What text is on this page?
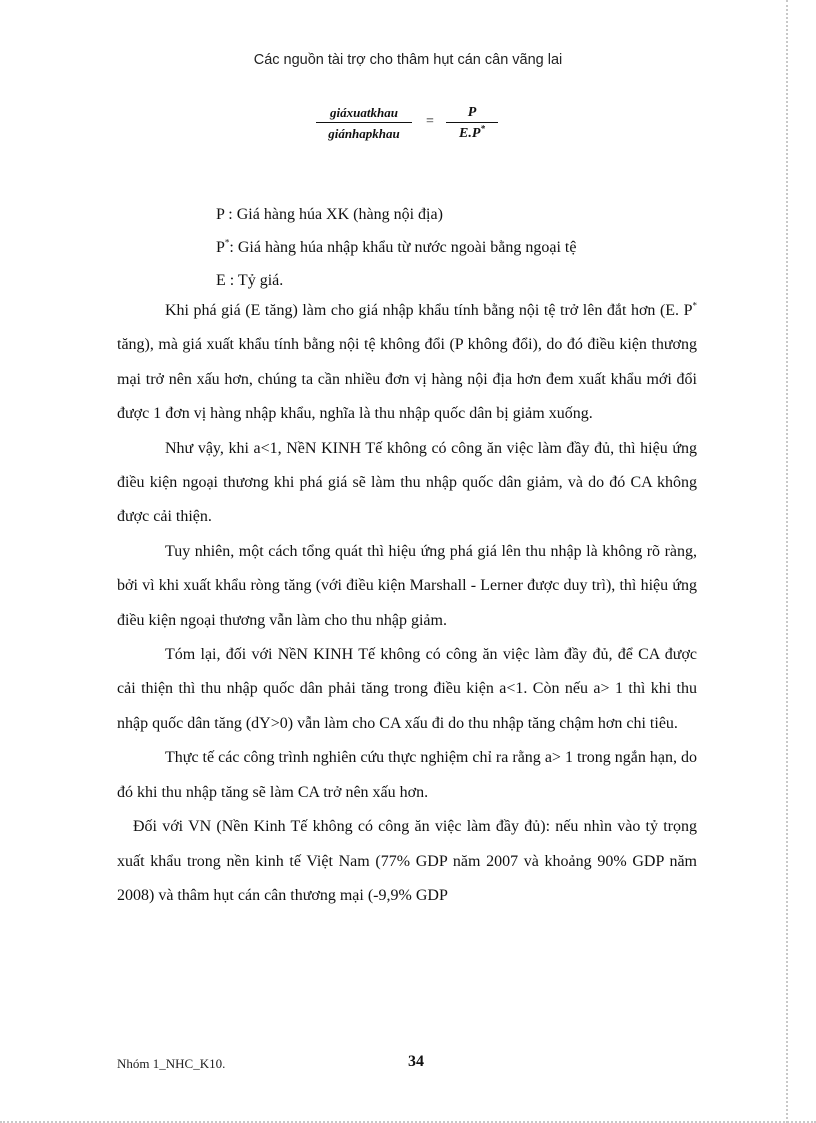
Các nguồn tài trợ cho thâm hụt cán cân vãng lai
giáxuatkhau
giánhapkhau
= $\frac{P}{E.P^*}$
P : Giá hàng húa XK (hàng nội địa)
P*: Giá hàng húa nhập khẩu từ nước ngoài bằng ngoại tệ
E : Tỷ giá.

Khi phá giá (E tăng) làm cho giá nhập khẩu tính bằng nội tệ trở lên đắt hơn (E. P* tăng), mà giá xuất khẩu tính bằng nội tệ không đổi (P không đổi), do đó điều kiện thương mại trở nên xấu hơn, chúng ta cần nhiều đơn vị hàng nội địa hơn đem xuất khẩu mới đổi được 1 đơn vị hàng nhập khẩu, nghĩa là thu nhập quốc dân bị giảm xuống.

Như vậy, khi a<1, NềN KINH Tế không có công ăn việc làm đầy đủ, thì hiệu ứng điều kiện ngoại thương khi phá giá sẽ làm thu nhập quốc dân giảm, và do đó CA không được cải thiện.

Tuy nhiên, một cách tổng quát thì hiệu ứng phá giá lên thu nhập là không rõ ràng, bởi vì khi xuất khẩu ròng tăng (với điều kiện Marshall - Lerner được duy trì), thì hiệu ứng điều kiện ngoại thương vẫn làm cho thu nhập giảm.

Tóm lại, đối với NềN KINH Tế không có công ăn việc làm đầy đủ, để CA được cải thiện thì thu nhập quốc dân phải tăng trong điều kiện a<1. Còn nếu a> 1 thì khi thu nhập quốc dân tăng (dY>0) vẫn làm cho CA xấu đi do thu nhập tăng chậm hơn chi tiêu.

Thực tế các công trình nghiên cứu thực nghiệm chỉ ra rằng a> 1 trong ngắn hạn, do đó khi thu nhập tăng sẽ làm CA trở nên xấu hơn.

Đối với VN (Nền Kinh Tế không có công ăn việc làm đầy đủ): nếu nhìn vào tỷ trọng xuất khẩu trong nền kinh tế Việt Nam (77% GDP năm 2007 và khoảng 90% GDP năm 2008) và thâm hụt cán cân thương mại (-9,9% GDP

Nhóm 1_NHC_K10.	34
